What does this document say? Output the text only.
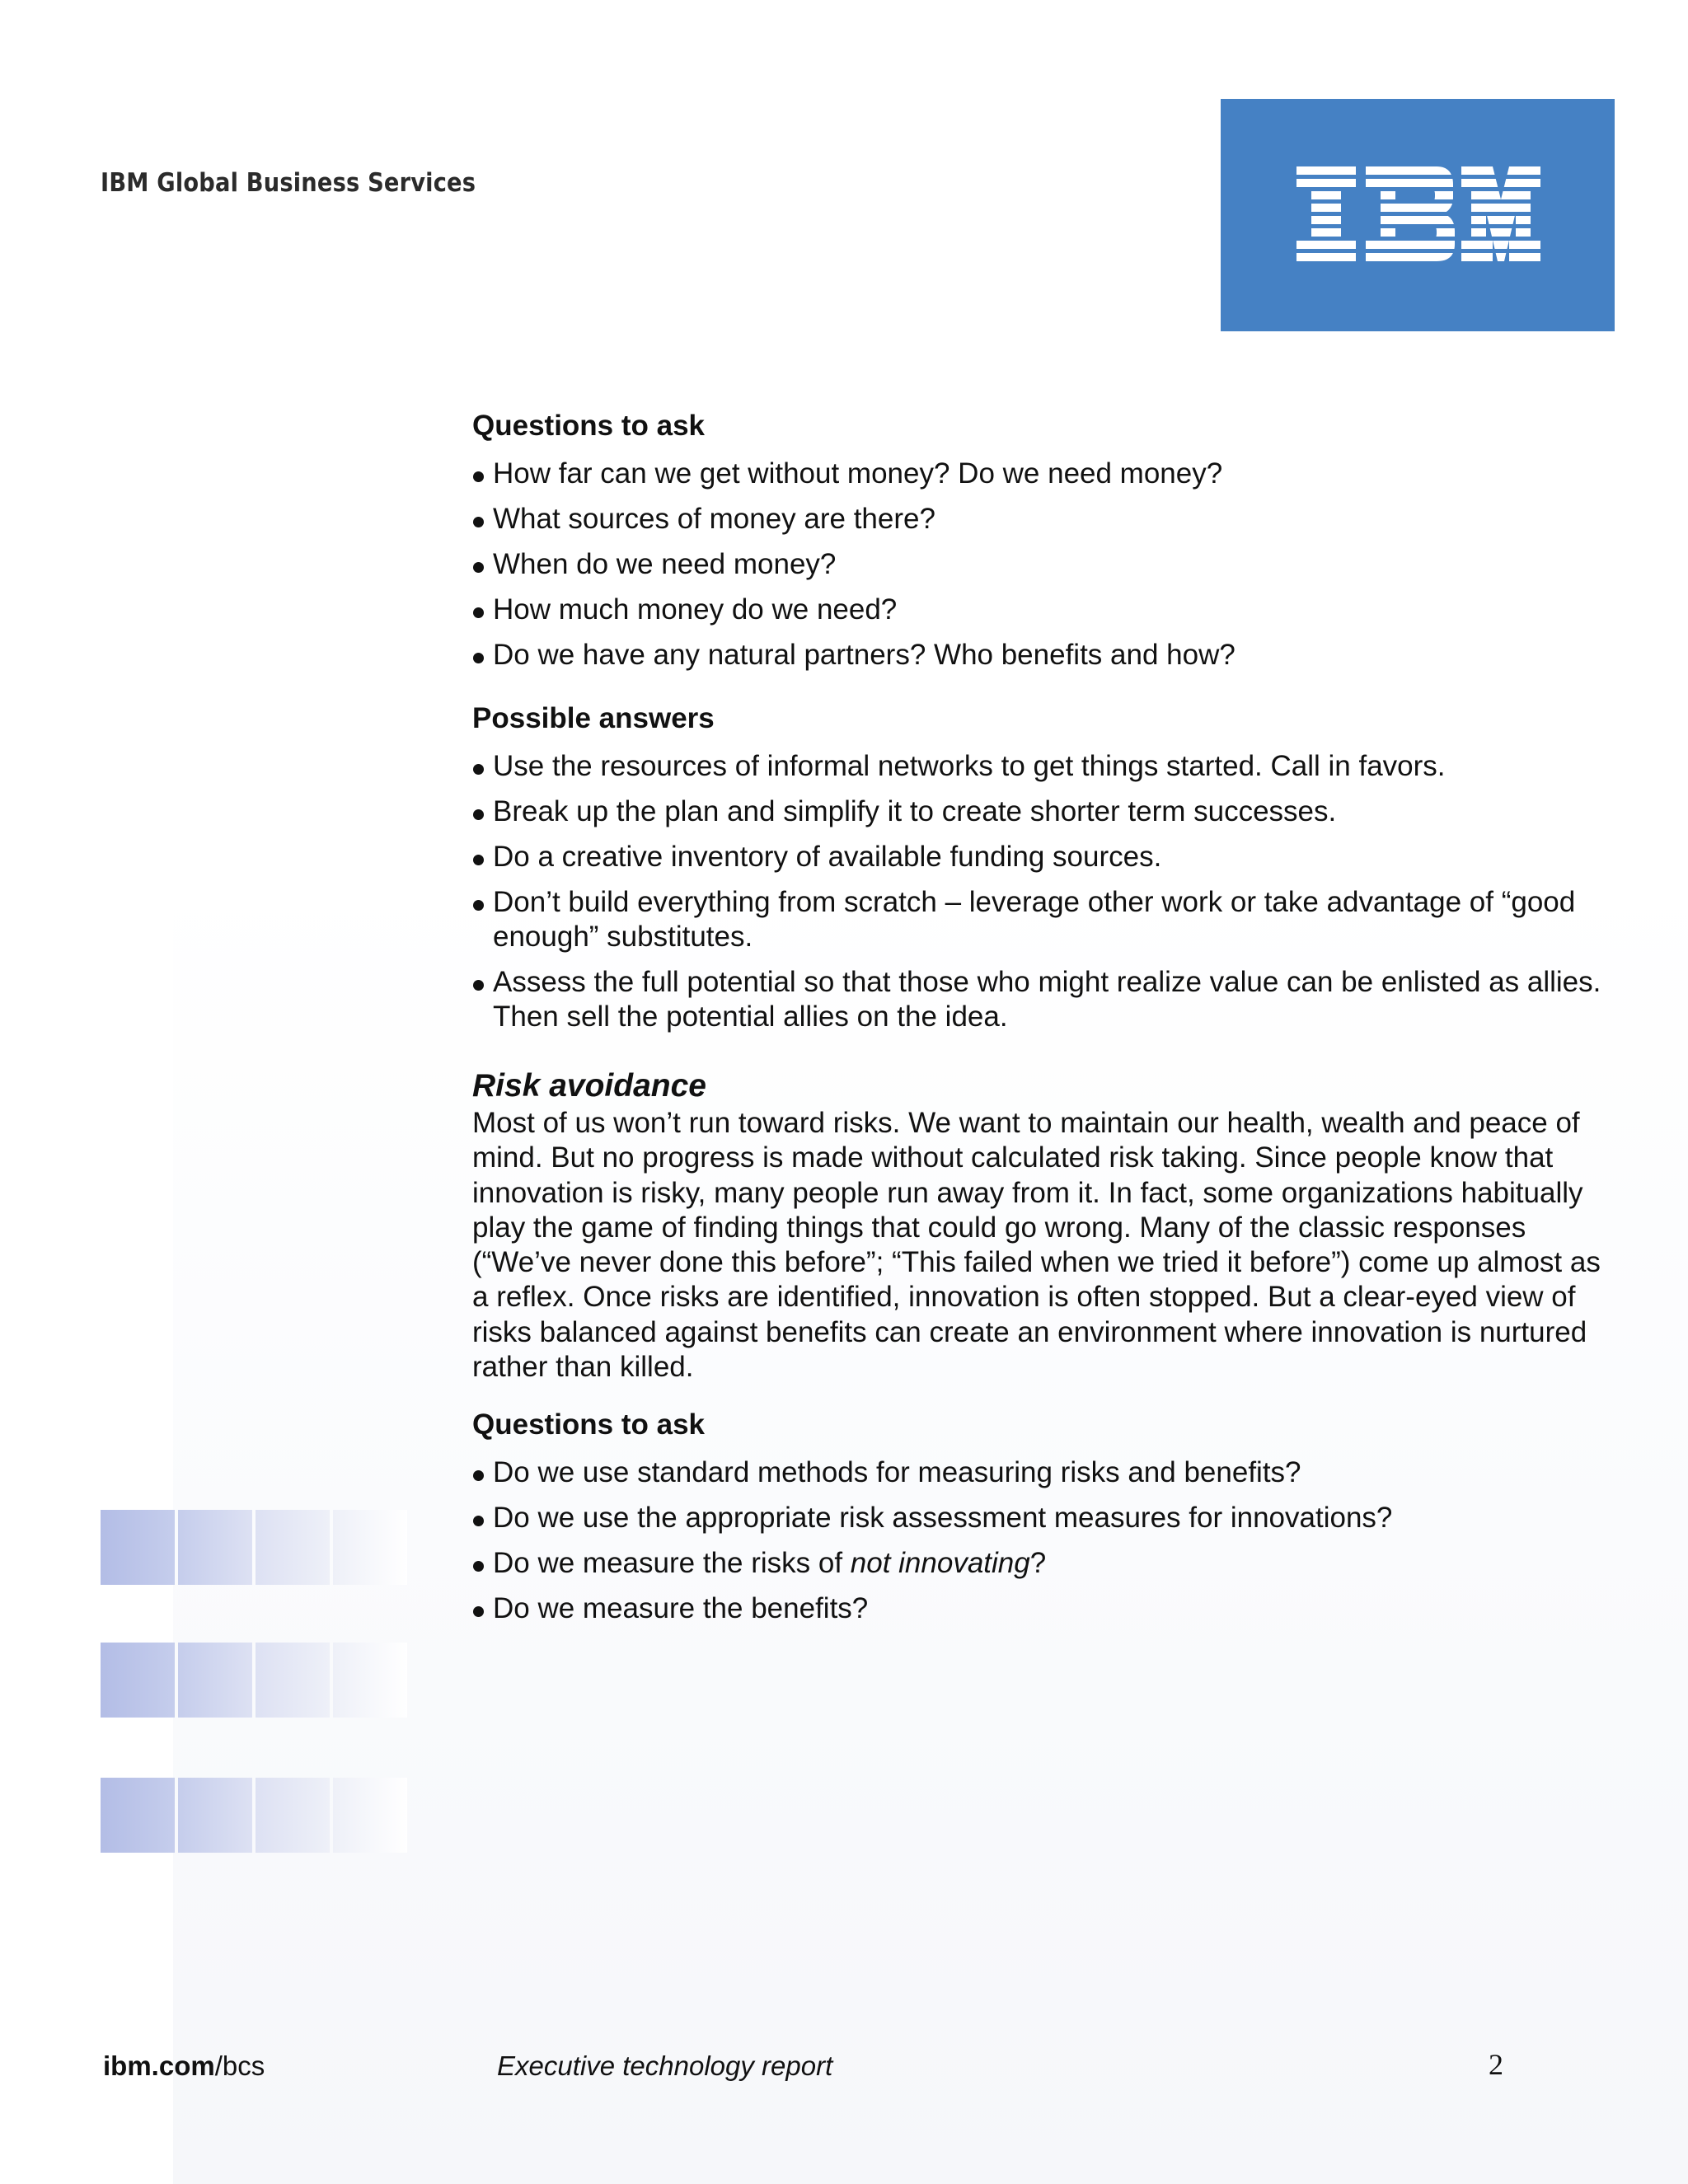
IBM Global Business Services
Questions to ask
How far can we get without money? Do we need money?
What sources of money are there?
When do we need money?
How much money do we need?
Do we have any natural partners? Who benefits and how?
Possible answers
Use the resources of informal networks to get things started. Call in favors.
Break up the plan and simplify it to create shorter term successes.
Do a creative inventory of available funding sources.
Don’t build everything from scratch – leverage other work or take advantage of “good enough” substitutes.
Assess the full potential so that those who might realize value can be enlisted as allies. Then sell the potential allies on the idea.
Risk avoidance

Most of us won’t run toward risks. We want to maintain our health, wealth and peace of mind. But no progress is made without calculated risk taking. Since people know that innovation is risky, many people run away from it. In fact, some organizations habitually play the game of finding things that could go wrong. Many of the classic responses (“We’ve never done this before”; “This failed when we tried it before”) come up almost as a reflex. Once risks are identified, innovation is often stopped. But a clear-eyed view of risks balanced against benefits can create an environment where innovation is nurtured rather than killed.

Questions to ask
Do we use standard methods for measuring risks and benefits?
Do we use the appropriate risk assessment measures for innovations?
Do we measure the risks of not innovating?
Do we measure the benefits?
ibm.com/bcs	Executive technology report	2
